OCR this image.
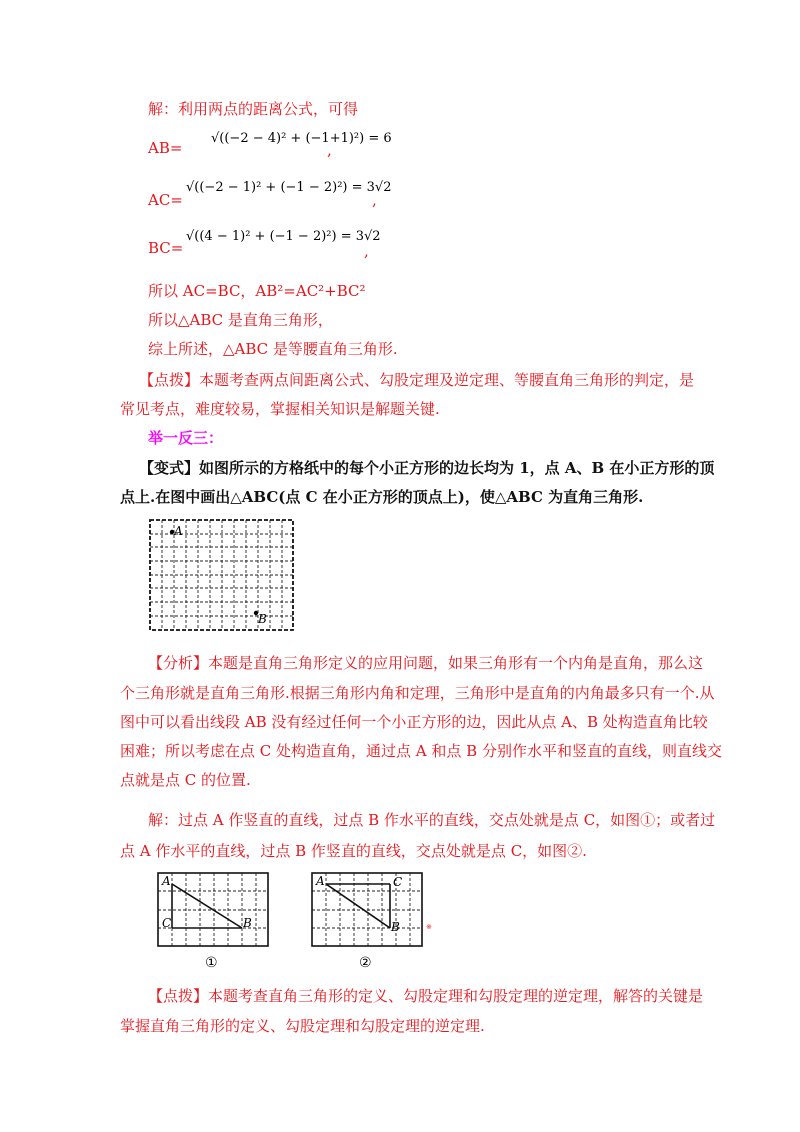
解：利用两点的距离公式，可得
AB=
√((−2 − 4)² + (−1+1)²) = 6
,
AC=
√((−2 − 1)² + (−1 − 2)²) = 3√2
,
BC=
√((4 − 1)² + (−1 − 2)²) = 3√2
,
所以 AC=BC，AB²=AC²+BC²
所以△ABC 是直角三角形，
综上所述，△ABC 是等腰直角三角形.
【点拨】本题考查两点间距离公式、勾股定理及逆定理、等腰直角三角形的判定，是
常见考点，难度较易，掌握相关知识是解题关键.
举一反三：
【变式】如图所示的方格纸中的每个小正方形的边长均为 1，点 A、B 在小正方形的顶
点上.在图中画出△ABC(点 C 在小正方形的顶点上)，使△ABC 为直角三角形.
A
B
【分析】本题是直角三角形定义的应用问题，如果三角形有一个内角是直角，那么这
个三角形就是直角三角形.根据三角形内角和定理，三角形中是直角的内角最多只有一个.从
图中可以看出线段 AB 没有经过任何一个小正方形的边，因此从点 A、B 处构造直角比较
困难；所以考虑在点 C 处构造直角，通过点 A 和点 B 分别作水平和竖直的直线，则直线交
点就是点 C 的位置.
解：过点 A 作竖直的直线，过点 B 作水平的直线，交点处就是点 C，如图①；或者过
点 A 作水平的直线，过点 B 作竖直的直线，交点处就是点 C，如图②.
A
C	B
①
A	C
B
②
※
【点拨】本题考查直角三角形的定义、勾股定理和勾股定理的逆定理，解答的关键是
掌握直角三角形的定义、勾股定理和勾股定理的逆定理.
